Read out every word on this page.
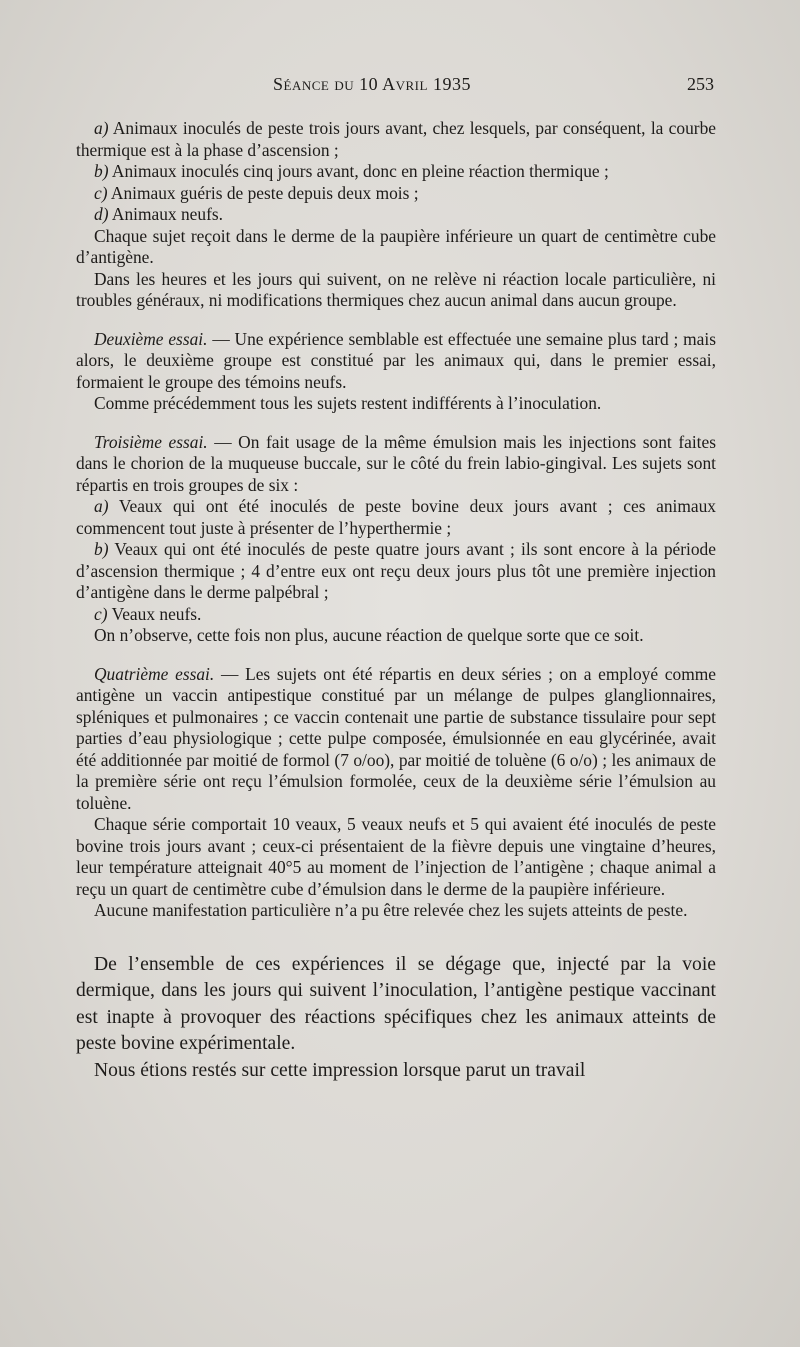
Séance du 10 Avril 1935	253

a) Animaux inoculés de peste trois jours avant, chez lesquels, par conséquent, la courbe thermique est à la phase d’ascension ;

b) Animaux inoculés cinq jours avant, donc en pleine réaction thermique ;

c) Animaux guéris de peste depuis deux mois ;

d) Animaux neufs.

Chaque sujet reçoit dans le derme de la paupière inférieure un quart de centimètre cube d’antigène.

Dans les heures et les jours qui suivent, on ne relève ni réaction locale particulière, ni troubles généraux, ni modifications thermiques chez aucun animal dans aucun groupe.

Deuxième essai. — Une expérience semblable est effectuée une semaine plus tard ; mais alors, le deuxième groupe est constitué par les animaux qui, dans le premier essai, formaient le groupe des témoins neufs.

Comme précédemment tous les sujets restent indifférents à l’inoculation.

Troisième essai. — On fait usage de la même émulsion mais les injections sont faites dans le chorion de la muqueuse buccale, sur le côté du frein labio-gingival. Les sujets sont répartis en trois groupes de six :

a) Veaux qui ont été inoculés de peste bovine deux jours avant ; ces animaux commencent tout juste à présenter de l’hyperthermie ;

b) Veaux qui ont été inoculés de peste quatre jours avant ; ils sont encore à la période d’ascension thermique ; 4 d’entre eux ont reçu deux jours plus tôt une première injection d’antigène dans le derme palpébral ;

c) Veaux neufs.

On n’observe, cette fois non plus, aucune réaction de quelque sorte que ce soit.

Quatrième essai. — Les sujets ont été répartis en deux séries ; on a employé comme antigène un vaccin antipestique constitué par un mélange de pulpes glanglionnaires, spléniques et pulmonaires ; ce vaccin contenait une partie de substance tissulaire pour sept parties d’eau physiologique ; cette pulpe composée, émulsionnée en eau glycérinée, avait été additionnée par moitié de formol (7 o/oo), par moitié de toluène (6 o/o) ; les animaux de la première série ont reçu l’émulsion formolée, ceux de la deuxième série l’émulsion au toluène.

Chaque série comportait 10 veaux, 5 veaux neufs et 5 qui avaient été inoculés de peste bovine trois jours avant ; ceux-ci présentaient de la fièvre depuis une vingtaine d’heures, leur température atteignait 40°5 au moment de l’injection de l’antigène ; chaque animal a reçu un quart de centimètre cube d’émulsion dans le derme de la paupière inférieure.

Aucune manifestation particulière n’a pu être relevée chez les sujets atteints de peste.

De l’ensemble de ces expériences il se dégage que, injecté par la voie dermique, dans les jours qui suivent l’inoculation, l’antigène pestique vaccinant est inapte à provoquer des réactions spécifiques chez les animaux atteints de peste bovine expérimentale.

Nous étions restés sur cette impression lorsque parut un travail
